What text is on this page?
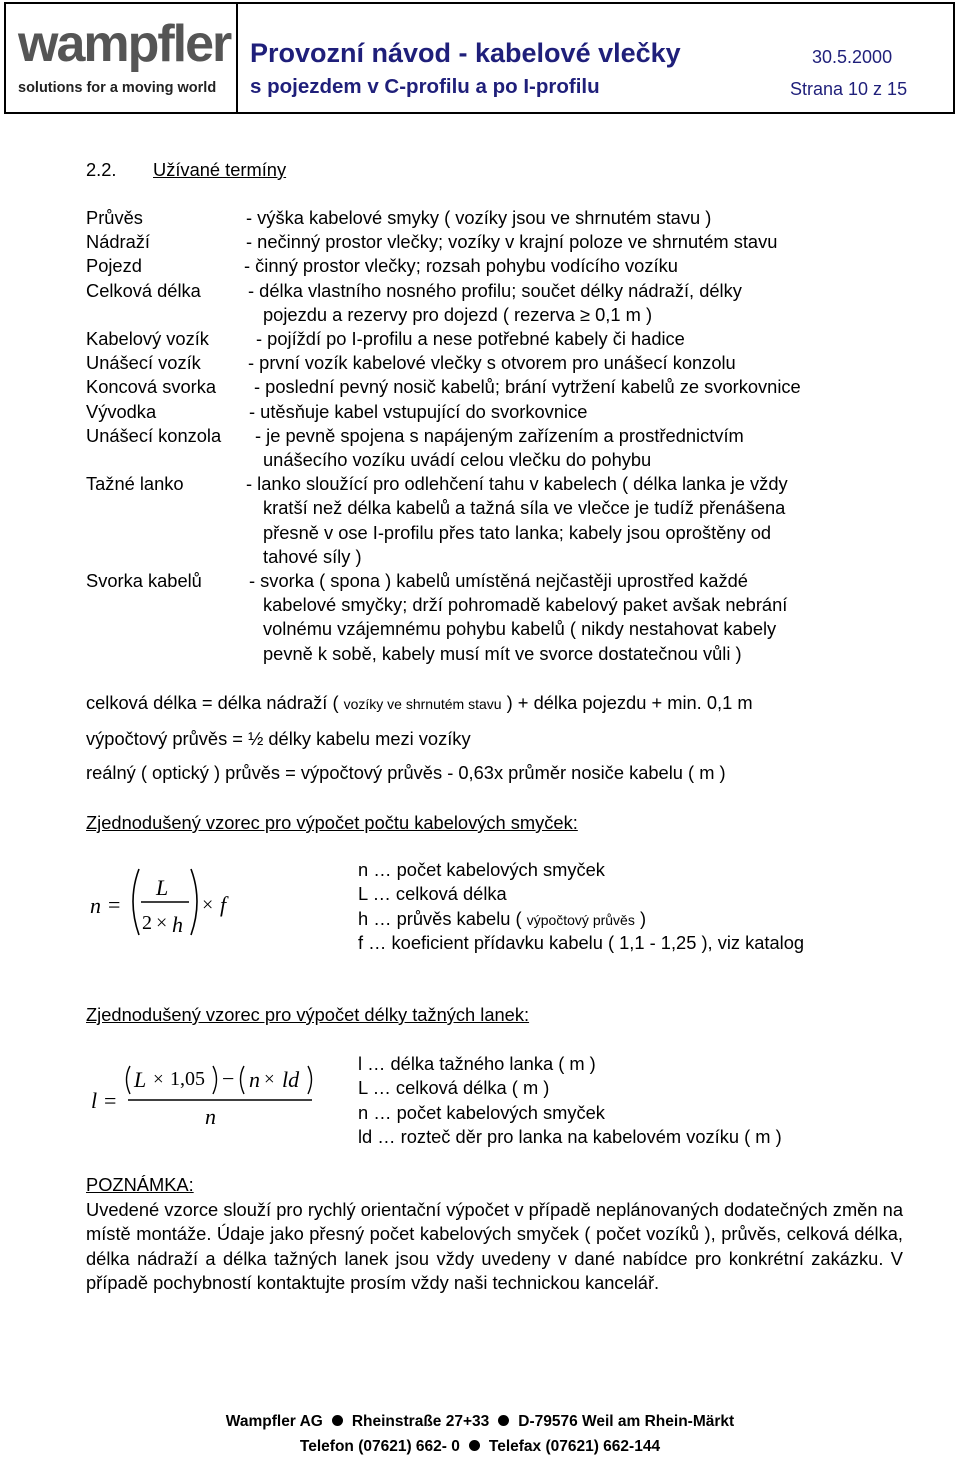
wampfler
solutions for a moving world
Provozní návod - kabelové vlečky
s pojezdem v C-profilu a po I-profilu
30.5.2000
Strana 10 z 15
2.2. Užívané termíny
Průvěs	- výška kabelové smyky ( vozíky jsou ve shrnutém stavu )
Nádraží	- nečinný prostor vlečky; vozíky v krajní poloze ve shrnutém stavu
Pojezd	- činný prostor vlečky; rozsah pohybu vodícího vozíku
Celková délka	- délka vlastního nosného profilu; součet délky nádraží, délky
pojezdu a rezervy pro dojezd ( rezerva ≥ 0,1 m )
Kabelový vozík	- pojíždí po I-profilu a nese potřebné kabely či hadice
Unášecí vozík	- první vozík kabelové vlečky s otvorem pro unášecí konzolu
Koncová svorka - poslední pevný nosič kabelů; brání vytržení kabelů ze svorkovnice
Vývodka	- utěsňuje kabel vstupující do svorkovnice
Unášecí konzola - je pevně spojena s napájeným zařízením a prostřednictvím
unášecího vozíku uvádí celou vlečku do pohybu
Tažné lanko	- lanko sloužící pro odlehčení tahu v kabelech ( délka lanka je vždy
kratší než délka kabelů a tažná síla ve vlečce je tudíž přenášena
přesně v ose I-profilu přes tato lanka; kabely jsou oproštěny od
tahové síly )
Svorka kabelů	- svorka ( spona ) kabelů umístěná nejčastěji uprostřed každé
kabelové smyčky; drží pohromadě kabelový paket avšak nebrání
volnému vzájemnému pohybu kabelů ( nikdy nestahovat kabely
pevně k sobě, kabely musí mít ve svorce dostatečnou vůli )
celková délka = délka nádraží ( vozíky ve shrnutém stavu ) + délka pojezdu + min. 0,1 m
výpočtový průvěs = ½ délky kabelu mezi vozíky
reálný ( optický ) průvěs = výpočtový průvěs - 0,63x průměr nosiče kabelu ( m )
Zjednodušený vzorec pro výpočet počtu kabelových smyček:
n =
L
2 × h
× f
n … počet kabelových smyček
L … celková délka
h … průvěs kabelu ( výpočtový průvěs )
f … koeficient přídavku kabelu ( 1,1 - 1,25 ), viz katalog
Zjednodušený vzorec pro výpočet délky tažných lanek:
l =
L × 1,05 − n × ld
n
l … délka tažného lanka ( m )
L … celková délka ( m )
n … počet kabelových smyček
ld … rozteč děr pro lanka na kabelovém vozíku ( m )
POZNÁMKA:
Uvedené vzorce slouží pro rychlý orientační výpočet v případě neplánovaných dodatečných změn na místě montáže. Údaje jako přesný počet kabelových smyček ( počet vozíků ), průvěs, celková délka, délka nádraží a délka tažných lanek jsou vždy uvedeny v dané nabídce pro konkrétní zakázku. V případě pochybností kontaktujte prosím vždy naši technickou kancelář.
Wampfler AG Rheinstraße 27+33 D-79576 Weil am Rhein-Märkt
Telefon (07621) 662- 0 Telefax (07621) 662-144
